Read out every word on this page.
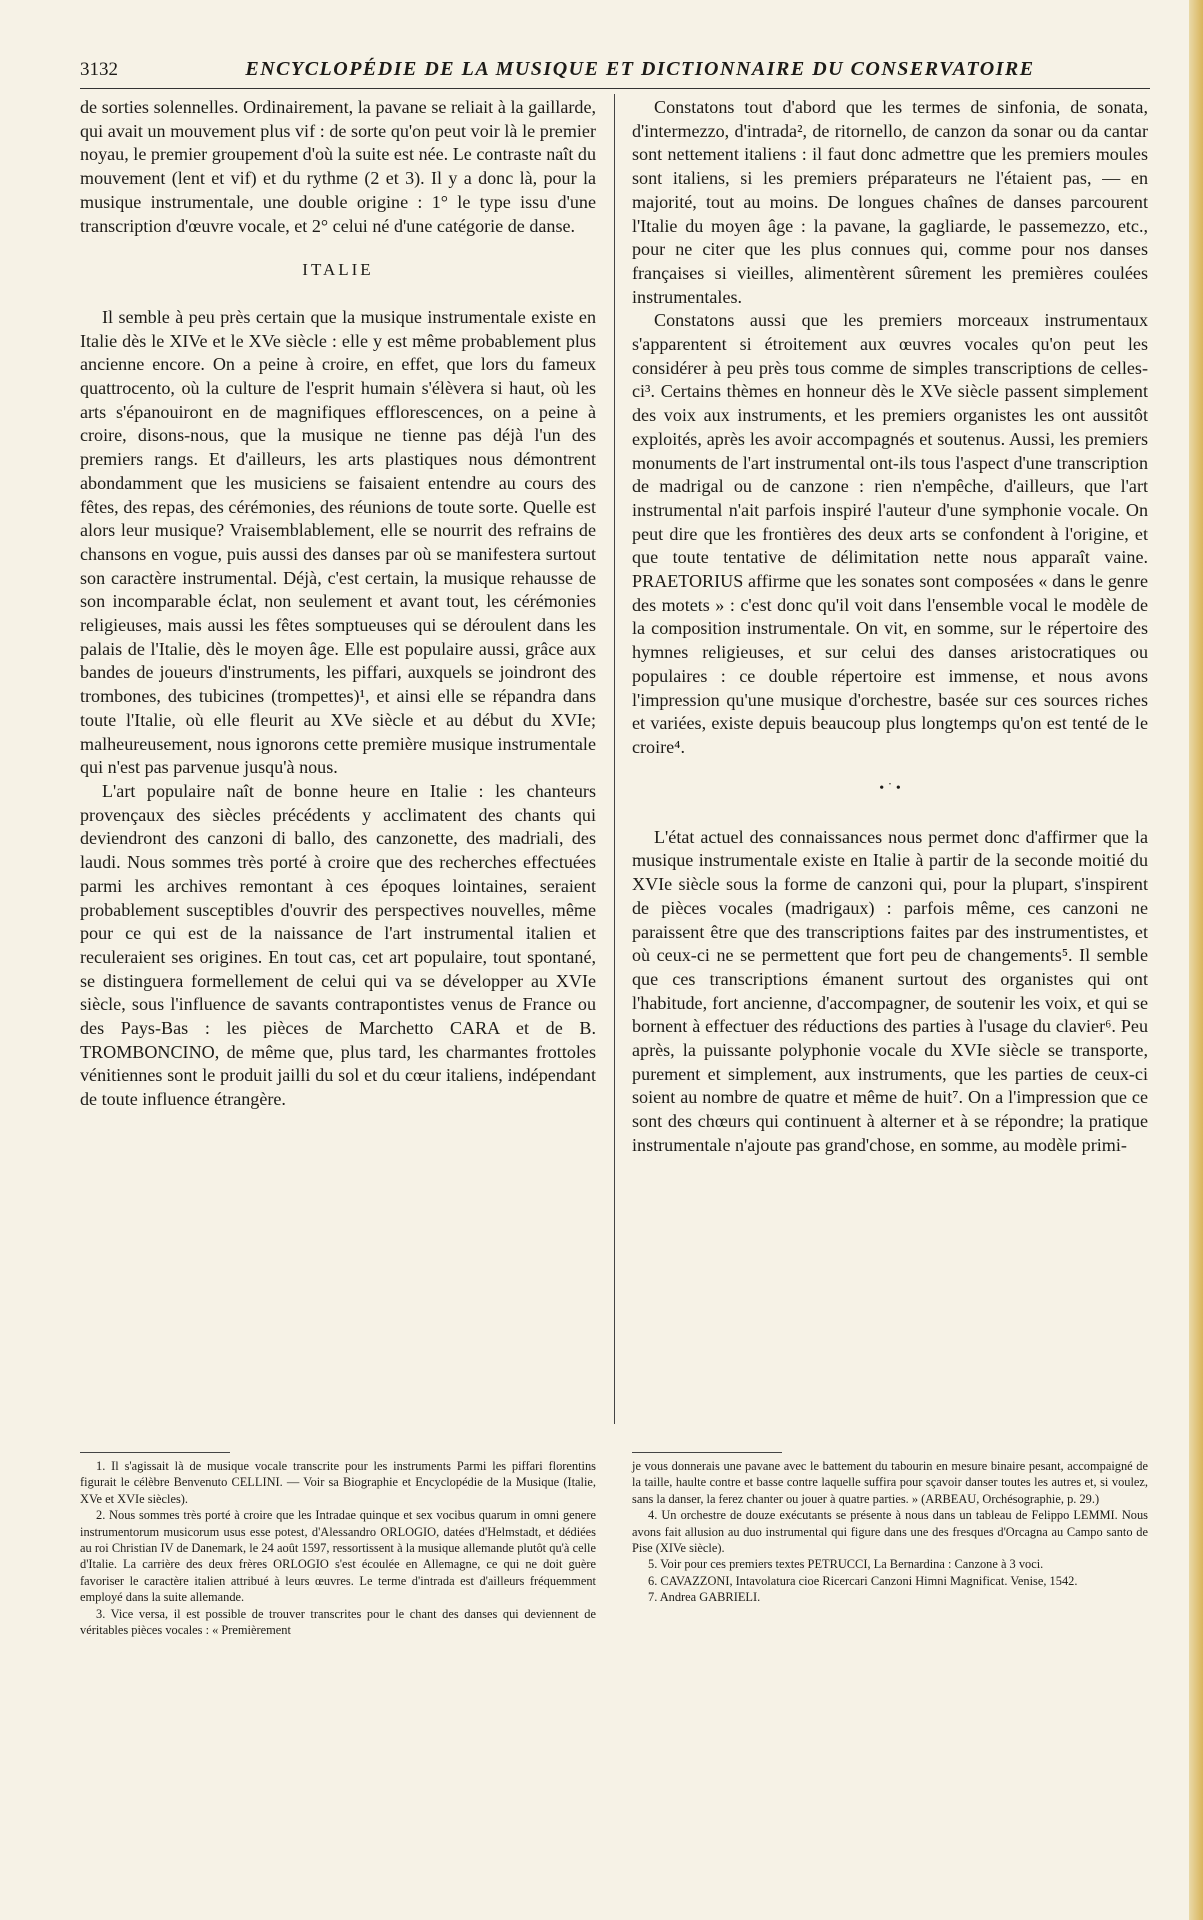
3132	ENCYCLOPÉDIE DE LA MUSIQUE ET DICTIONNAIRE DU CONSERVATOIRE

de sorties solennelles. Ordinairement, la pavane se reliait à la gaillarde, qui avait un mouvement plus vif : de sorte qu'on peut voir là le premier noyau, le premier groupement d'où la suite est née. Le contraste naît du mouvement (lent et vif) et du rythme (2 et 3). Il y a donc là, pour la musique instrumentale, une double origine : 1° le type issu d'une transcription d'œuvre vocale, et 2° celui né d'une catégorie de danse.

ITALIE

Il semble à peu près certain que la musique instrumentale existe en Italie dès le XIVe et le XVe siècle : elle y est même probablement plus ancienne encore. On a peine à croire, en effet, que lors du fameux quattrocento, où la culture de l'esprit humain s'élèvera si haut, où les arts s'épanouiront en de magnifiques efflorescences, on a peine à croire, disons-nous, que la musique ne tienne pas déjà l'un des premiers rangs. Et d'ailleurs, les arts plastiques nous démontrent abondamment que les musiciens se faisaient entendre au cours des fêtes, des repas, des cérémonies, des réunions de toute sorte. Quelle est alors leur musique? Vraisemblablement, elle se nourrit des refrains de chansons en vogue, puis aussi des danses par où se manifestera surtout son caractère instrumental. Déjà, c'est certain, la musique rehausse de son incomparable éclat, non seulement et avant tout, les cérémonies religieuses, mais aussi les fêtes somptueuses qui se déroulent dans les palais de l'Italie, dès le moyen âge. Elle est populaire aussi, grâce aux bandes de joueurs d'instruments, les piffari, auxquels se joindront des trombones, des tubicines (trompettes)¹, et ainsi elle se répandra dans toute l'Italie, où elle fleurit au XVe siècle et au début du XVIe; malheureusement, nous ignorons cette première musique instrumentale qui n'est pas parvenue jusqu'à nous.

L'art populaire naît de bonne heure en Italie : les chanteurs provençaux des siècles précédents y acclimatent des chants qui deviendront des canzoni di ballo, des canzonette, des madriali, des laudi. Nous sommes très porté à croire que des recherches effectuées parmi les archives remontant à ces époques lointaines, seraient probablement susceptibles d'ouvrir des perspectives nouvelles, même pour ce qui est de la naissance de l'art instrumental italien et reculeraient ses origines. En tout cas, cet art populaire, tout spontané, se distinguera formellement de celui qui va se développer au XVIe siècle, sous l'influence de savants contrapontistes venus de France ou des Pays-Bas : les pièces de Marchetto CARA et de B. TROMBONCINO, de même que, plus tard, les charmantes frottoles vénitiennes sont le produit jailli du sol et du cœur italiens, indépendant de toute influence étrangère.

Constatons tout d'abord que les termes de sinfonia, de sonata, d'intermezzo, d'intrada², de ritornello, de canzon da sonar ou da cantar sont nettement italiens : il faut donc admettre que les premiers moules sont italiens, si les premiers préparateurs ne l'étaient pas, — en majorité, tout au moins. De longues chaînes de danses parcourent l'Italie du moyen âge : la pavane, la gagliarde, le passemezzo, etc., pour ne citer que les plus connues qui, comme pour nos danses françaises si vieilles, alimentèrent sûrement les premières coulées instrumentales.

Constatons aussi que les premiers morceaux instrumentaux s'apparentent si étroitement aux œuvres vocales qu'on peut les considérer à peu près tous comme de simples transcriptions de celles-ci³. Certains thèmes en honneur dès le XVe siècle passent simplement des voix aux instruments, et les premiers organistes les ont aussitôt exploités, après les avoir accompagnés et soutenus. Aussi, les premiers monuments de l'art instrumental ont-ils tous l'aspect d'une transcription de madrigal ou de canzone : rien n'empêche, d'ailleurs, que l'art instrumental n'ait parfois inspiré l'auteur d'une symphonie vocale. On peut dire que les frontières des deux arts se confondent à l'origine, et que toute tentative de délimitation nette nous apparaît vaine. PRAETORIUS affirme que les sonates sont composées « dans le genre des motets » : c'est donc qu'il voit dans l'ensemble vocal le modèle de la composition instrumentale. On vit, en somme, sur le répertoire des hymnes religieuses, et sur celui des danses aristocratiques ou populaires : ce double répertoire est immense, et nous avons l'impression qu'une musique d'orchestre, basée sur ces sources riches et variées, existe depuis beaucoup plus longtemps qu'on est tenté de le croire⁴.

• ˙ •

L'état actuel des connaissances nous permet donc d'affirmer que la musique instrumentale existe en Italie à partir de la seconde moitié du XVIe siècle sous la forme de canzoni qui, pour la plupart, s'inspirent de pièces vocales (madrigaux) : parfois même, ces canzoni ne paraissent être que des transcriptions faites par des instrumentistes, et où ceux-ci ne se permettent que fort peu de changements⁵. Il semble que ces transcriptions émanent surtout des organistes qui ont l'habitude, fort ancienne, d'accompagner, de soutenir les voix, et qui se bornent à effectuer des réductions des parties à l'usage du clavier⁶. Peu après, la puissante polyphonie vocale du XVIe siècle se transporte, purement et simplement, aux instruments, que les parties de ceux-ci soient au nombre de quatre et même de huit⁷. On a l'impression que ce sont des chœurs qui continuent à alterner et à se répondre; la pratique instrumentale n'ajoute pas grand'chose, en somme, au modèle primi-

1. Il s'agissait là de musique vocale transcrite pour les instruments Parmi les piffari florentins figurait le célèbre Benvenuto CELLINI. — Voir sa Biographie et Encyclopédie de la Musique (Italie, XVe et XVIe siècles).

2. Nous sommes très porté à croire que les Intradae quinque et sex vocibus quarum in omni genere instrumentorum musicorum usus esse potest, d'Alessandro ORLOGIO, datées d'Helmstadt, et dédiées au roi Christian IV de Danemark, le 24 août 1597, ressortissent à la musique allemande plutôt qu'à celle d'Italie. La carrière des deux frères ORLOGIO s'est écoulée en Allemagne, ce qui ne doit guère favoriser le caractère italien attribué à leurs œuvres. Le terme d'intrada est d'ailleurs fréquemment employé dans la suite allemande.

3. Vice versa, il est possible de trouver transcrites pour le chant des danses qui deviennent de véritables pièces vocales : « Premièrement

je vous donnerais une pavane avec le battement du tabourin en mesure binaire pesant, accompaigné de la taille, haulte contre et basse contre laquelle suffira pour sçavoir danser toutes les autres et, si voulez, sans la danser, la ferez chanter ou jouer à quatre parties. » (ARBEAU, Orchésographie, p. 29.)

4. Un orchestre de douze exécutants se présente à nous dans un tableau de Felippo LEMMI. Nous avons fait allusion au duo instrumental qui figure dans une des fresques d'Orcagna au Campo santo de Pise (XIVe siècle).

5. Voir pour ces premiers textes PETRUCCI, La Bernardina : Canzone à 3 voci.

6. CAVAZZONI, Intavolatura cioe Ricercari Canzoni Himni Magnificat. Venise, 1542.

7. Andrea GABRIELI.
